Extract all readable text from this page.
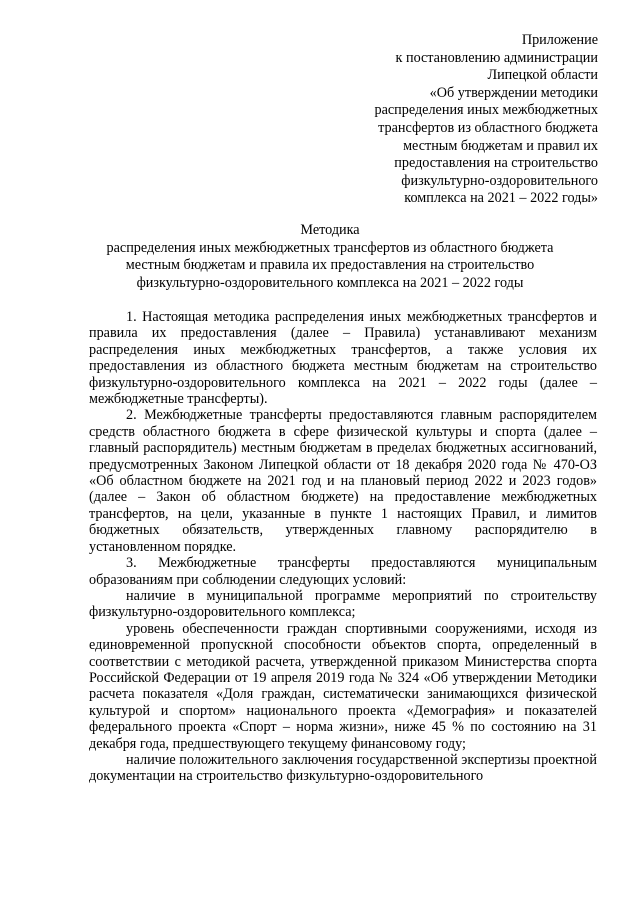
Приложение
к постановлению администрации
Липецкой области
«Об утверждении методики
распределения иных межбюджетных
трансфертов из областного бюджета
местным бюджетам и правил их
предоставления на строительство
физкультурно-оздоровительного
комплекса на 2021 – 2022 годы»
Методика
распределения иных межбюджетных трансфертов из областного бюджета
местным бюджетам и правила их предоставления на строительство
физкультурно-оздоровительного комплекса на 2021 – 2022 годы

1. Настоящая методика распределения иных межбюджетных трансфертов и правила их предоставления (далее – Правила) устанавливают механизм распределения иных межбюджетных трансфертов, а также условия их предоставления из областного бюджета местным бюджетам на строительство физкультурно-оздоровительного комплекса на 2021 – 2022 годы (далее – межбюджетные трансферты).

2. Межбюджетные трансферты предоставляются главным распорядителем средств областного бюджета в сфере физической культуры и спорта (далее – главный распорядитель) местным бюджетам в пределах бюджетных ассигнований, предусмотренных Законом Липецкой области от 18 декабря 2020 года № 470-ОЗ «Об областном бюджете на 2021 год и на плановый период 2022 и 2023 годов» (далее – Закон об областном бюджете) на предоставление межбюджетных трансфертов, на цели, указанные в пункте 1 настоящих Правил, и лимитов бюджетных обязательств, утвержденных главному распорядителю в установленном порядке.

3. Межбюджетные трансферты предоставляются муниципальным образованиям при соблюдении следующих условий:

наличие в муниципальной программе мероприятий по строительству физкультурно-оздоровительного комплекса;

уровень обеспеченности граждан спортивными сооружениями, исходя из единовременной пропускной способности объектов спорта, определенный в соответствии с методикой расчета, утвержденной приказом Министерства спорта Российской Федерации от 19 апреля 2019 года № 324 «Об утверждении Методики расчета показателя «Доля граждан, систематически занимающихся физической культурой и спортом» национального проекта «Демография» и показателей федерального проекта «Спорт – норма жизни», ниже 45 % по состоянию на 31 декабря года, предшествующего текущему финансовому году;

наличие положительного заключения государственной экспертизы проектной документации на строительство физкультурно-оздоровительного
